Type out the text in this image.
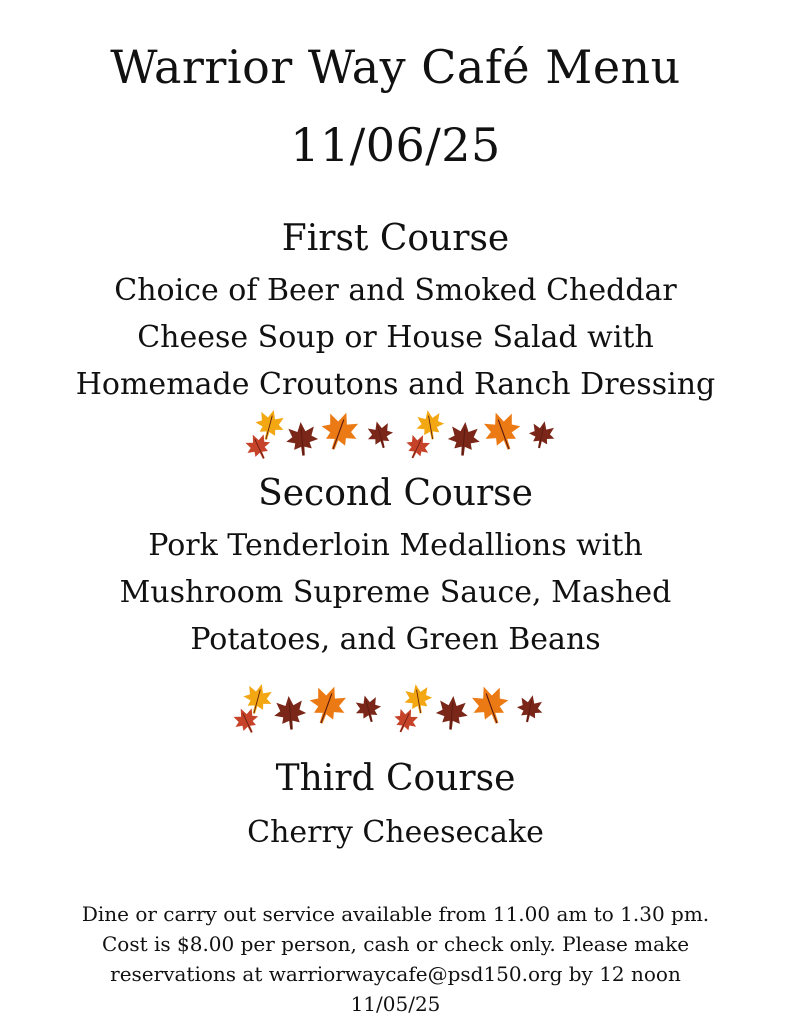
Warrior Way Café Menu
11/06/25
First Course
Choice of Beer and Smoked Cheddar
Cheese Soup or House Salad with
Homemade Croutons and Ranch Dressing
Second Course
Pork Tenderloin Medallions with
Mushroom Supreme Sauce, Mashed
Potatoes, and Green Beans
Third Course
Cherry Cheesecake
Dine or carry out service available from 11.00 am to 1.30 pm.
Cost is $8.00 per person, cash or check only. Please make
reservations at warriorwaycafe@psd150.org by 12 noon
11/05/25
